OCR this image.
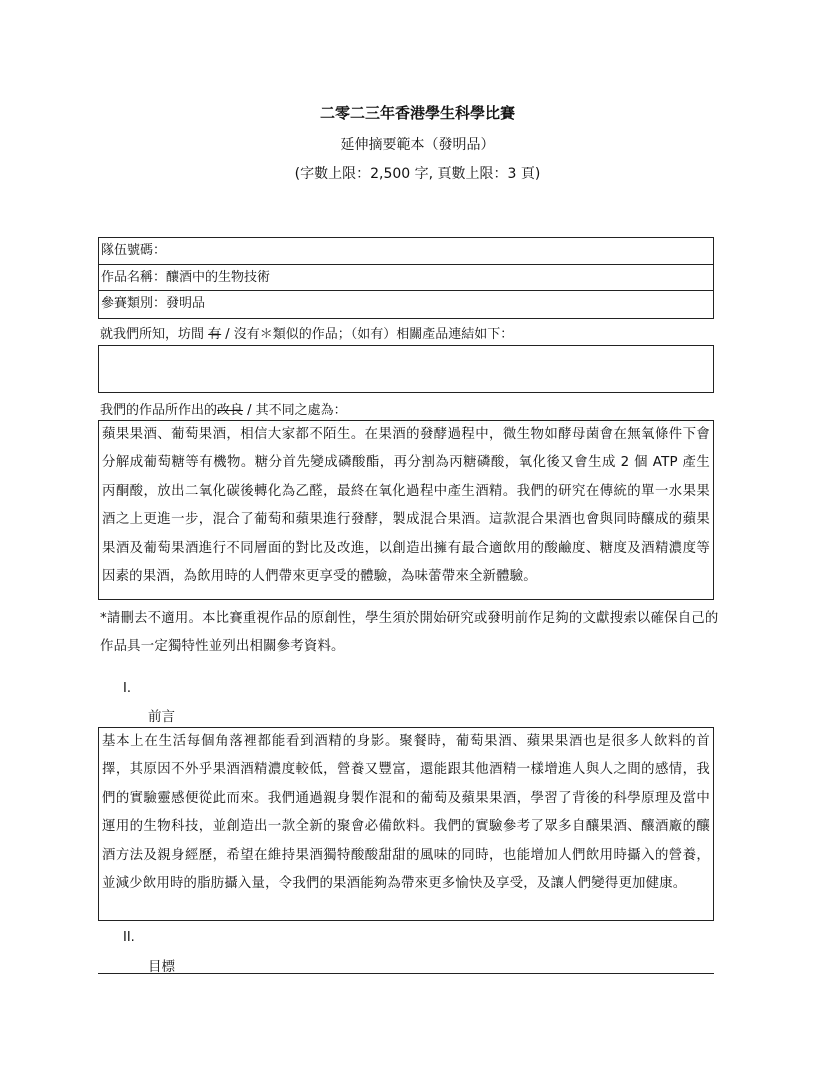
二零二三年香港學生科學比賽
延伸摘要範本（發明品）
(字數上限：2,500 字, 頁數上限：3 頁)
隊伍號碼：
作品名稱：釀酒中的生物技術
參賽類別：發明品
就我們所知，坊間 有 / 沒有＊類似的作品；（如有）相關產品連結如下：
我們的作品所作出的改良 / 其不同之處為：
蘋果果酒、葡萄果酒，相信大家都不陌生。在果酒的發酵過程中，微生物如酵母菌會在無氧條件下會分解成葡萄糖等有機物。糖分首先變成磷酸酯，再分割為丙糖磷酸，氧化後又會生成 2 個 ATP 產生丙酮酸，放出二氧化碳後轉化為乙醛，最終在氧化過程中產生酒精。我們的研究在傳統的單一水果果酒之上更進一步，混合了葡萄和蘋果進行發酵，製成混合果酒。這款混合果酒也會與同時釀成的蘋果果酒及葡萄果酒進行不同層面的對比及改進，以創造出擁有最合適飲用的酸鹼度、糖度及酒精濃度等因素的果酒，為飲用時的人們帶來更享受的體驗，為味蕾帶來全新體驗。
*請刪去不適用。本比賽重視作品的原創性，學生須於開始研究或發明前作足夠的文獻搜索以確保自己的作品具一定獨特性並列出相關參考資料。
I.
前言
基本上在生活每個角落裡都能看到酒精的身影。聚餐時，葡萄果酒、蘋果果酒也是很多人飲料的首擇，其原因不外乎果酒酒精濃度較低，營養又豐富，還能跟其他酒精一樣增進人與人之間的感情，我們的實驗靈感便從此而來。我們通過親身製作混和的葡萄及蘋果果酒，學習了背後的科學原理及當中運用的生物科技，並創造出一款全新的聚會必備飲料。我們的實驗參考了眾多自釀果酒、釀酒廠的釀酒方法及親身經歷，希望在維持果酒獨特酸酸甜甜的風味的同時，也能增加人們飲用時攝入的營養，並減少飲用時的脂肪攝入量，令我們的果酒能夠為帶來更多愉快及享受，及讓人們變得更加健康。
II.
目標
